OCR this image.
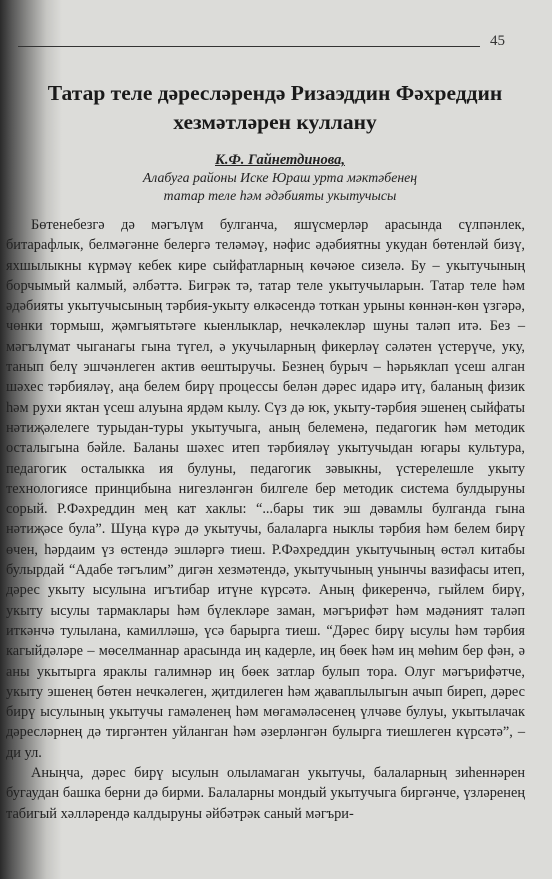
45
Татар теле дәресләрендә Ризаэддин Фәхреддин
хезмәтләрен куллану
К.Ф. Гайнетдинова,
Алабуга районы Иске Юраш урта мәктәбенең
татар теле һәм әдәбияты укытучысы

Бөтенебезгә дә мәгълүм булганча, яшүсмерләр арасында сүлпәнлек, битарафлык, белмәгәнне белергә теләмәү, нәфис әдәбиятны укудан бөтенләй бизү, яхшылыкны күрмәү кебек кире сыйфатларның көчәюе сизелә. Бу – укытучының борчымый калмый, әлбәттә. Бигрәк тә, татар теле укытучыларын. Татар теле һәм әдәбияты укытучысының тәрбия-укыту өлкәсендә тоткан урыны көннән-көн үзгәрә, чөнки тормыш, җәмгыятьтәге кыенлыклар, нечкәлекләр шуны таләп итә. Без – мәгълүмат чыганагы гына түгел, ә укучыларның фикерләү сәләтен үстерүче, уку, танып белү эшчәнлеген актив өештыручы. Безнең бурыч – һәрьяклап үсеш алган шәхес тәрбияләү, аңа белем бирү процессы белән дәрес идарә итү, баланың физик һәм рухи яктан үсеш алуына ярдәм кылу. Сүз дә юк, укыту-тәрбия эшенең сыйфаты нәтиҗәлелеге турыдан-туры укытучыга, аның белеменә, педагогик һәм методик осталыгына бәйле. Баланы шәхес итеп тәрбияләү укытучыдан югары культура, педагогик осталыкка ия булуны, педагогик зәвыкны, үстерелешле укыту технологиясе принцибына нигезләнгән билгеле бер методик система булдыруны сорый. Р.Фәхреддин мең кат хаклы: “...бары тик эш дәвамлы булганда гына нәтиҗәсе була”. Шуңа күрә дә укытучы, балаларга ныклы тәрбия һәм белем бирү өчен, һәрдаим үз өстендә эшләргә тиеш. Р.Фәхреддин укытучының өстәл китабы булырдай “Адабе тәгълим” дигән хезмәтендә, укытучының унынчы вазифасы итеп, дәрес укыту ысулына игътибар итүне күрсәтә. Аның фикеренчә, гыйлем бирү, укыту ысулы тармаклары һәм бүлекләре заман, мәгърифәт һәм мәдәният таләп иткәнчә тулылана, камилләшә, үсә барырга тиеш. “Дәрес бирү ысулы һәм тәрбия кагыйдәләре – мөселманнар арасында иң кадерле, иң бөек һәм иң мөһим бер фән, ә аны укытырга яраклы галимнәр иң бөек затлар булып тора. Олуг мәгърифәтче, укыту эшенең бөтен нечкәлеген, җитдилеген һәм җаваплылыгын ачып биреп, дәрес бирү ысулының укытучы гамәленең һәм мөгамәләсенең үлчәве булуы, укытылачак дәресләрнең дә тиргәнтен уйланган һәм әзерләнгән булырга тиешлеген күрсәтә”, – ди ул.

Аныңча, дәрес бирү ысулын олыламаган укытучы, балаларның зиһеннәрен бугаудан башка берни дә бирми. Балаларны мондый укытучыга биргәнче, үзләренең табигый хәлләрендә калдыруны әйбәтрәк саный мәгъри-
